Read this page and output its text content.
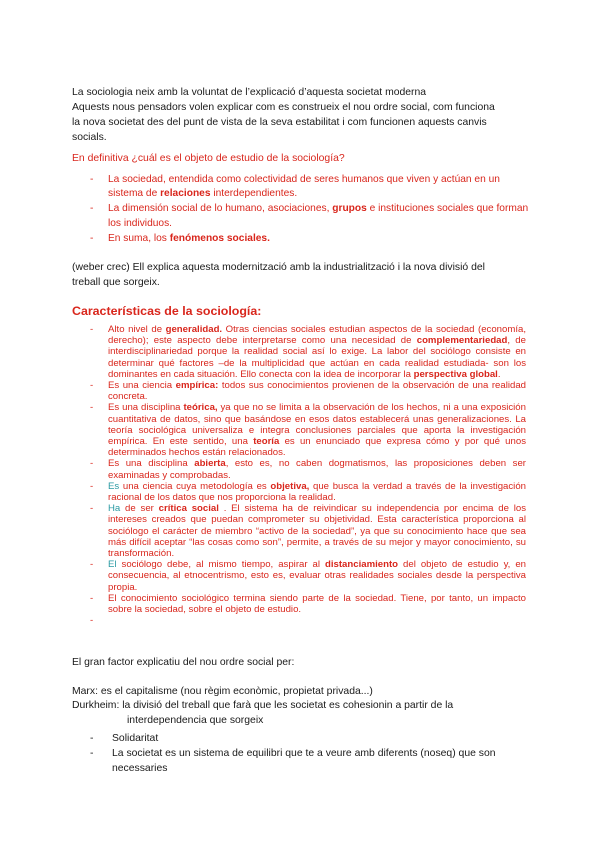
La sociologia neix amb la voluntat de l’explicació d’aquesta societat moderna
Aquests nous pensadors volen explicar com es construeix el nou ordre social, com funciona
la nova societat des del punt de vista de la seva estabilitat i com funcionen aquests canvis
socials.
En definitiva ¿cuál es el objeto de estudio de la sociología?
- La sociedad, entendida como colectividad de seres humanos que viven y actúan en un sistema de relaciones interdependientes.
- La dimensión social de lo humano, asociaciones, grupos e instituciones sociales que forman los individuos.
- En suma, los fenómenos sociales.
(weber crec) Ell explica aquesta modernització amb la industrialització i la nova divisió del
treball que sorgeix.
Características de la sociología:
- Alto nivel de generalidad. Otras ciencias sociales estudian aspectos de la sociedad (economía, derecho); este aspecto debe interpretarse como una necesidad de complementariedad, de interdisciplinariedad porque la realidad social así lo exige. La labor del sociólogo consiste en determinar qué factores –de la multiplicidad que actúan en cada realidad estudiada- son los dominantes en cada situación. Ello conecta con la idea de incorporar la perspectiva global.
- Es una ciencia empírica: todos sus conocimientos provienen de la observación de una realidad concreta.
- Es una disciplina teórica, ya que no se limita a la observación de los hechos, ni a una exposición cuantitativa de datos, sino que basándose en esos datos establecerá unas generalizaciones. La teoría sociológica universaliza e integra conclusiones parciales que aporta la investigación empírica. En este sentido, una teoría es un enunciado que expresa cómo y por qué unos determinados hechos están relacionados.
- Es una disciplina abierta, esto es, no caben dogmatismos, las proposiciones deben ser examinadas y comprobadas.
- Es una ciencia cuya metodología es objetiva, que busca la verdad a través de la investigación racional de los datos que nos proporciona la realidad.
- Ha de ser crítica social . El sistema ha de reivindicar su independencia por encima de los intereses creados que puedan comprometer su objetividad. Esta característica proporciona al sociólogo el carácter de miembro “activo de la sociedad”, ya que su conocimiento hace que sea más difícil aceptar “las cosas como son”, permite, a través de su mejor y mayor conocimiento, su transformación.
- El sociólogo debe, al mismo tiempo, aspirar al distanciamiento del objeto de estudio y, en consecuencia, al etnocentrismo, esto es, evaluar otras realidades sociales desde la perspectiva propia.
- El conocimiento sociológico termina siendo parte de la sociedad. Tiene, por tanto, un impacto sobre la sociedad, sobre el objeto de estudio.
-
El gran factor explicatiu del nou ordre social per:
Marx: es el capitalisme (nou règim econòmic, propietat privada...)
Durkheim: la divisió del treball que farà que les societat es cohesionin a partir de la
interdependencia que sorgeix
- Solidaritat
- La societat es un sistema de equilibri que te a veure amb diferents (noseq) que son necessaries
